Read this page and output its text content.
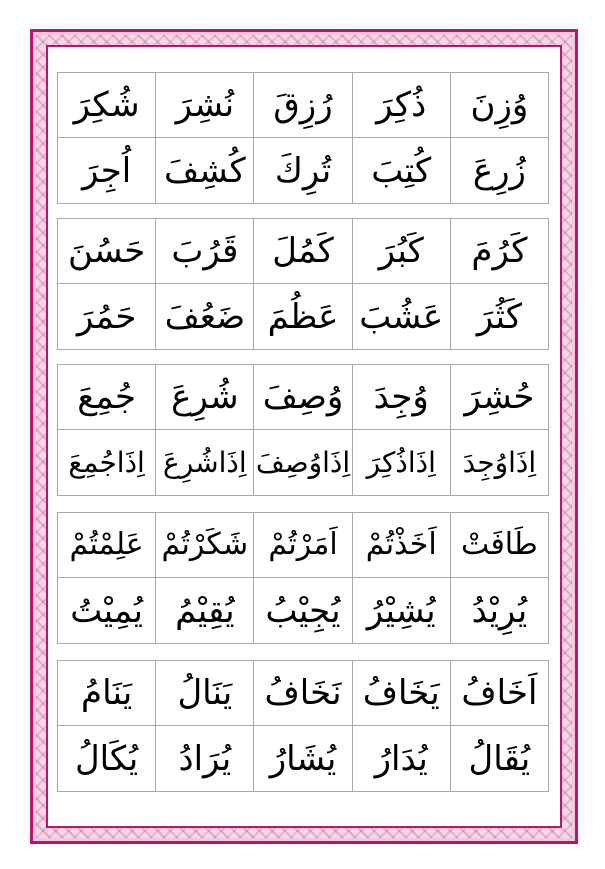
وُزِنَ	ذُكِرَ	رُزِقَ	نُشِرَ	شُكِرَ
زُرِعَ	كُتِبَ	تُرِكَ	كُشِفَ	اُجِرَ
كَرُمَ	كَبُرَ	كَمُلَ	قَرُبَ	حَسُنَ
كَثُرَ	عَشُبَ	عَظُمَ	ضَعُفَ	حَمُرَ
حُشِرَ	وُجِدَ	وُصِفَ	شُرِعَ	جُمِعَ
اِذَاوُجِدَ	اِذَاذُكِرَ	اِذَاوُصِفَ	اِذَاشُرِعَ	اِذَاجُمِعَ
طَافَتْ	اَخَذْتُمْ	اَمَرْتُمْ	شَكَرْتُمْ	عَلِمْتُمْ
يُرِيْدُ	يُشِيْرُ	يُجِيْبُ	يُقِيْمُ	يُمِيْتُ
اَخَافُ	يَخَافُ	نَخَافُ	يَنَالُ	يَنَامُ
يُقَالُ	يُدَارُ	يُشَارُ	يُرَادُ	يُكَالُ
